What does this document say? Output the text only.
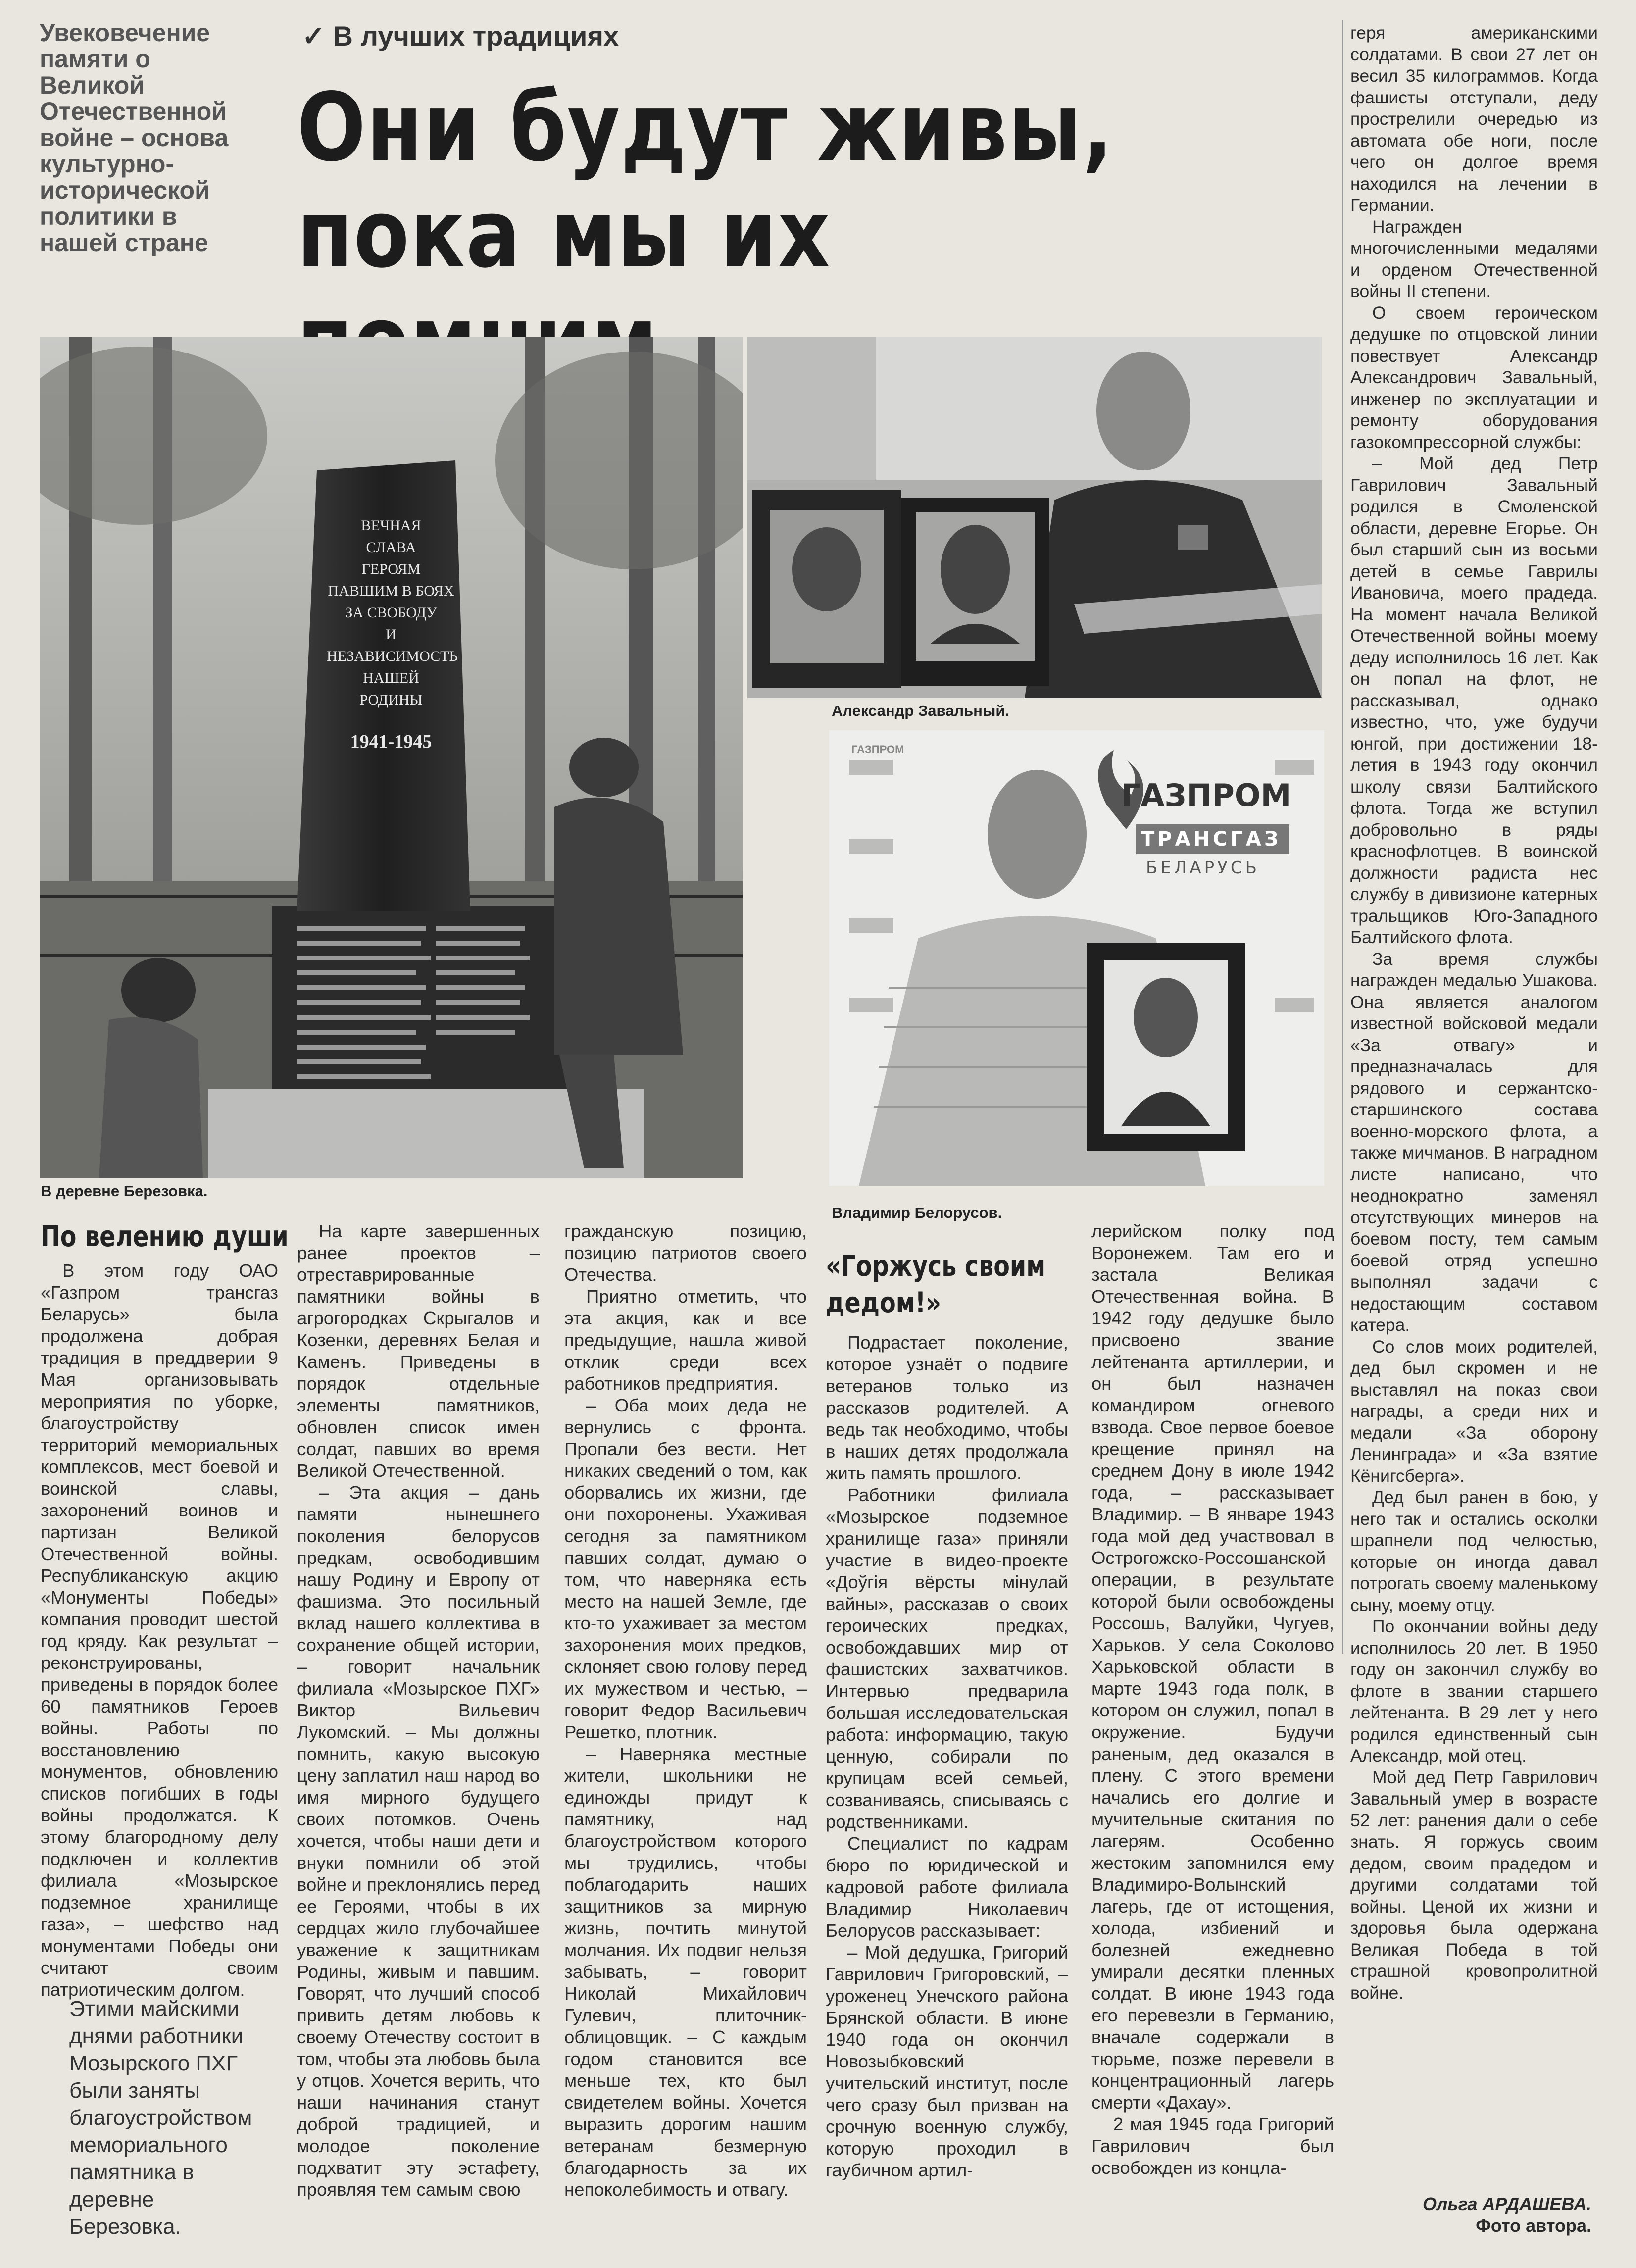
Увековечение памяти о Великой Отечественной войне – основа культурно-исторической политики в нашей стране
✓ В лучших традициях
Они будут живы,
пока мы их
ВЕЧНАЯ
СЛАВА
ГЕРОЯМ
ПАВШИМ В БОЯХ
ЗА СВОБОДУ
И НЕЗАВИСИМОСТЬ
НАШЕЙ
РОДИНЫ
1941-1945
В деревне Березовка.
Александр Завальный.
ГАЗПРОМ
ТРАНСГАЗ
БЕЛАРУСЬ
ГАЗПРОМ
Владимир Белорусов.
По велению души

В этом году ОАО «Газпром трансгаз Беларусь» была продолжена добрая традиция в преддверии 9 Мая организовывать мероприятия по уборке, благоустройству территорий мемориальных комплексов, мест боевой и воинской славы, захоронений воинов и партизан Великой Отечественной войны. Республиканскую акцию «Монументы Победы» компания проводит шестой год кряду. Как результат – реконструированы, приведены в порядок более 60 памятников Героев войны. Работы по восстановлению монументов, обновлению списков погибших в годы войны продолжатся. К этому благородному делу подключен и коллектив филиала «Мозырское подземное хранилище газа», – шефство над монументами Победы они считают своим патриотическим долгом.

Этими майскими днями работники Мозырского ПХГ были заняты благоустройством мемориального памятника в деревне Березовка.

На карте завершенных ранее проектов – отреставрированные памятники войны в агрогородках Скрыгалов и Козенки, деревнях Белая и Каменъ. Приведены в порядок отдельные элементы памятников, обновлен список имен солдат, павших во время Великой Отечественной.

– Эта акция – дань памяти нынешнего поколения белорусов предкам, освободившим нашу Родину и Европу от фашизма. Это посильный вклад нашего коллектива в сохранение общей истории, – говорит начальник филиала «Мозырское ПХГ» Виктор Вильевич Лукомский. – Мы должны помнить, какую высокую цену заплатил наш народ во имя мирного будущего своих потомков. Очень хочется, чтобы наши дети и внуки помнили об этой войне и преклонялись перед ее Героями, чтобы в их сердцах жило глубочайшее уважение к защитникам Родины, живым и павшим. Говорят, что лучший способ привить детям любовь к своему Отечеству состоит в том, чтобы эта любовь была у отцов. Хочется верить, что наши начинания станут доброй традицией, и молодое поколение подхватит эту эстафету, проявляя тем самым свою

гражданскую позицию, позицию патриотов своего Отечества.

Приятно отметить, что эта акция, как и все предыдущие, нашла живой отклик среди всех работников предприятия.

– Оба моих деда не вернулись с фронта. Пропали без вести. Нет никаких сведений о том, как оборвались их жизни, где они похоронены. Ухаживая сегодня за памятником павших солдат, думаю о том, что наверняка есть место на нашей Земле, где кто-то ухаживает за местом захоронения моих предков, склоняет свою голову перед их мужеством и честью, – говорит Федор Васильевич Решетко, плотник.

– Наверняка местные жители, школьники не единожды придут к памятнику, над благоустройством которого мы трудились, чтобы поблагодарить наших защитников за мирную жизнь, почтить минутой молчания. Их подвиг нельзя забывать, – говорит Николай Михайлович Гулевич, плиточник-облицовщик. – С каждым годом становится все меньше тех, кто был свидетелем войны. Хочется выразить дорогим нашим ветеранам безмерную благодарность за их непоколебимость и отвагу.

«Горжусь своим дедом!»

Подрастает поколение, которое узнаёт о подвиге ветеранов только из рассказов родителей. А ведь так необходимо, чтобы в наших детях продолжала жить память прошлого.

Работники филиала «Мозырское подземное хранилище газа» приняли участие в видео-проекте «Доўгія вёрсты мінулай вайны», рассказав о своих героических предках, освобождавших мир от фашистских захватчиков. Интервью предварила большая исследовательская работа: информацию, такую ценную, собирали по крупицам всей семьей, созваниваясь, списываясь с родственниками.

Специалист по кадрам бюро по юридической и кадровой работе филиала Владимир Николаевич Белорусов рассказывает:

– Мой дедушка, Григорий Гаврилович Григоровский, – уроженец Унечского района Брянской области. В июне 1940 года он окончил Новозыбковский учительский институт, после чего сразу был призван на срочную военную службу, которую проходил в гаубичном артил-

лерийском полку под Воронежем. Там его и застала Великая Отечественная война. В 1942 году дедушке было присвоено звание лейтенанта артиллерии, и он был назначен командиром огневого взвода. Свое первое боевое крещение принял на среднем Дону в июле 1942 года, – рассказывает Владимир. – В январе 1943 года мой дед участвовал в Острогожско-Россошанской операции, в результате которой были освобождены Россошь, Валуйки, Чугуев, Харьков. У села Соколово Харьковской области в марте 1943 года полк, в котором он служил, попал в окружение. Будучи раненым, дед оказался в плену. С этого времени начались его долгие и мучительные скитания по лагерям. Особенно жестоким запомнился ему Владимиро-Волынский лагерь, где от истощения, холода, избиений и болезней ежедневно умирали десятки пленных солдат. В июне 1943 года его перевезли в Германию, вначале содержали в тюрьме, позже перевели в концентрационный лагерь смерти «Дахау».

2 мая 1945 года Григорий Гаврилович был освобожден из концла-

геря американскими солдатами. В свои 27 лет он весил 35 килограммов. Когда фашисты отступали, деду прострелили очередью из автомата обе ноги, после чего он долгое время находился на лечении в Германии.

Награжден многочисленными медалями и орденом Отечественной войны II степени.

О своем героическом дедушке по отцовской линии повествует Александр Александрович Завальный, инженер по эксплуатации и ремонту оборудования газокомпрессорной службы:

– Мой дед Петр Гаврилович Завальный родился в Смоленской области, деревне Егорье. Он был старший сын из восьми детей в семье Гаврилы Ивановича, моего прадеда. На момент начала Великой Отечественной войны моему деду исполнилось 16 лет. Как он попал на флот, не рассказывал, однако известно, что, уже будучи юнгой, при достижении 18-летия в 1943 году окончил школу связи Балтийского флота. Тогда же вступил добровольно в ряды краснофлотцев. В воинской должности радиста нес службу в дивизионе катерных тральщиков Юго-Западного Балтийского флота.

За время службы награжден медалью Ушакова. Она является аналогом известной войсковой медали «За отвагу» и предназначалась для рядового и сержантско-старшинского состава военно-морского флота, а также мичманов. В наградном листе написано, что неоднократно заменял отсутствующих минеров на боевом посту, тем самым боевой отряд успешно выполнял задачи с недостающим составом катера.

Со слов моих родителей, дед был скромен и не выставлял на показ свои награды, а среди них и медали «За оборону Ленинграда» и «За взятие Кёнигсберга».

Дед был ранен в бою, у него так и остались осколки шрапнели под челюстью, которые он иногда давал потрогать своему маленькому сыну, моему отцу.

По окончании войны деду исполнилось 20 лет. В 1950 году он закончил службу во флоте в звании старшего лейтенанта. В 29 лет у него родился единственный сын Александр, мой отец.

Мой дед Петр Гаврилович Завальный умер в возрасте 52 лет: ранения дали о себе знать. Я горжусь своим дедом, своим прадедом и другими солдатами той войны. Ценой их жизни и здоровья была одержана Великая Победа в той страшной кровопролитной войне.

Ольга АРДАШЕВА.
Фото автора.
